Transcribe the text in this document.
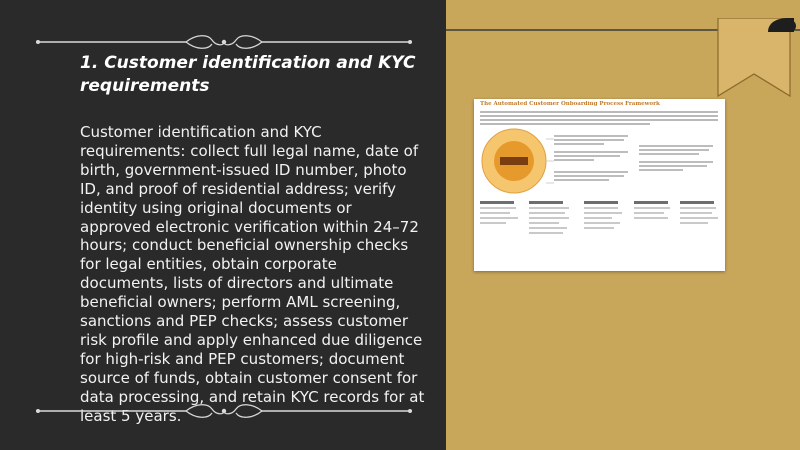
1. Customer identification and KYC requirements
Customer identification and KYC requirements: collect full legal name, date of birth, government-issued ID number, photo ID, and proof of residential address; verify identity using original documents or approved electronic verification within 24–72 hours; conduct beneficial ownership checks for legal entities, obtain corporate documents, lists of directors and ultimate beneficial owners; perform AML screening, sanctions and PEP checks; assess customer risk profile and apply enhanced due diligence for high-risk and PEP customers; document source of funds, obtain customer consent for data processing, and retain KYC records for at least 5 years.
The Automated Customer Onboarding Process Framework
